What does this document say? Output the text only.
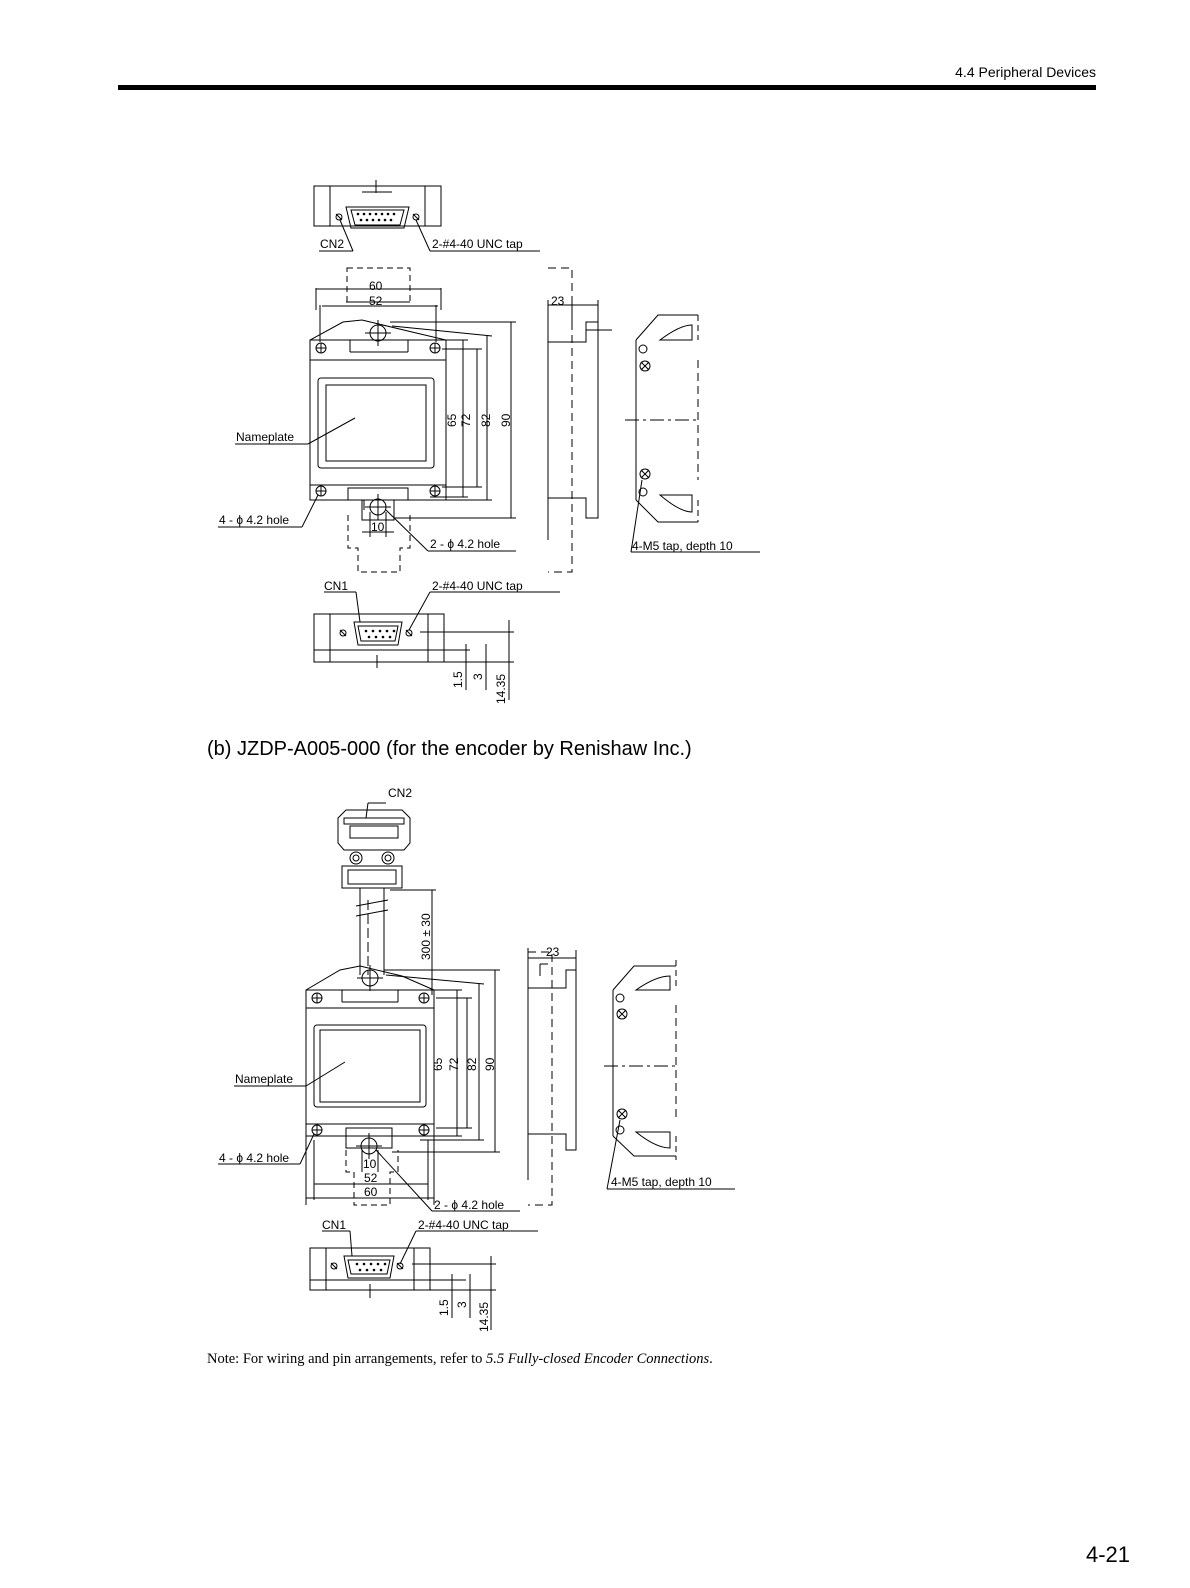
4.4 Peripheral Devices
CN2	2-#4-40 UNC tap
60
52
10
65 72 82 90
Nameplate
4 - ϕ 4.2 hole
2 - ϕ 4.2 hole
23
4-M5 tap, depth 10
CN1	2-#4-40 UNC tap
1.5 3 14.35
CN2
300 ± 30
10
52
60
65 72 82 90
Nameplate
4 - ϕ 4.2 hole
2 - ϕ 4.2 hole
23
4-M5 tap, depth 10
CN1	2-#4-40 UNC tap
1.5 3 14.35
(b) JZDP-A005-000 (for the encoder by Renishaw Inc.)
Note: For wiring and pin arrangements, refer to 5.5 Fully-closed Encoder Connections.
4-21
